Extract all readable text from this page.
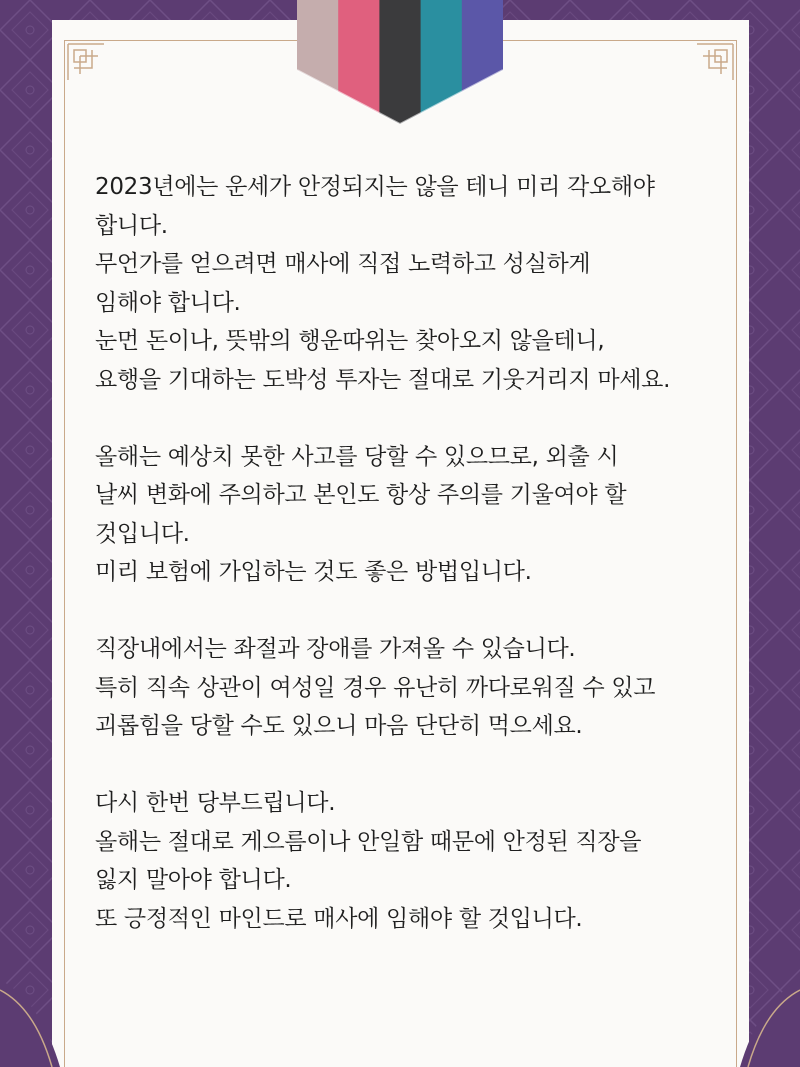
2023년에는 운세가 안정되지는 않을 테니 미리 각오해야
합니다.
무언가를 얻으려면 매사에 직접 노력하고 성실하게
임해야 합니다.
눈먼 돈이나, 뜻밖의 행운따위는 찾아오지 않을테니,
요행을 기대하는 도박성 투자는 절대로 기웃거리지 마세요.

올해는 예상치 못한 사고를 당할 수 있으므로, 외출 시
날씨 변화에 주의하고 본인도 항상 주의를 기울여야 할
것입니다.
미리 보험에 가입하는 것도 좋은 방법입니다.

직장내에서는 좌절과 장애를 가져올 수 있습니다.
특히 직속 상관이 여성일 경우 유난히 까다로워질 수 있고
괴롭힘을 당할 수도 있으니 마음 단단히 먹으세요.

다시 한번 당부드립니다.
올해는 절대로 게으름이나 안일함 때문에 안정된 직장을
잃지 말아야 합니다.
또 긍정적인 마인드로 매사에 임해야 할 것입니다.
